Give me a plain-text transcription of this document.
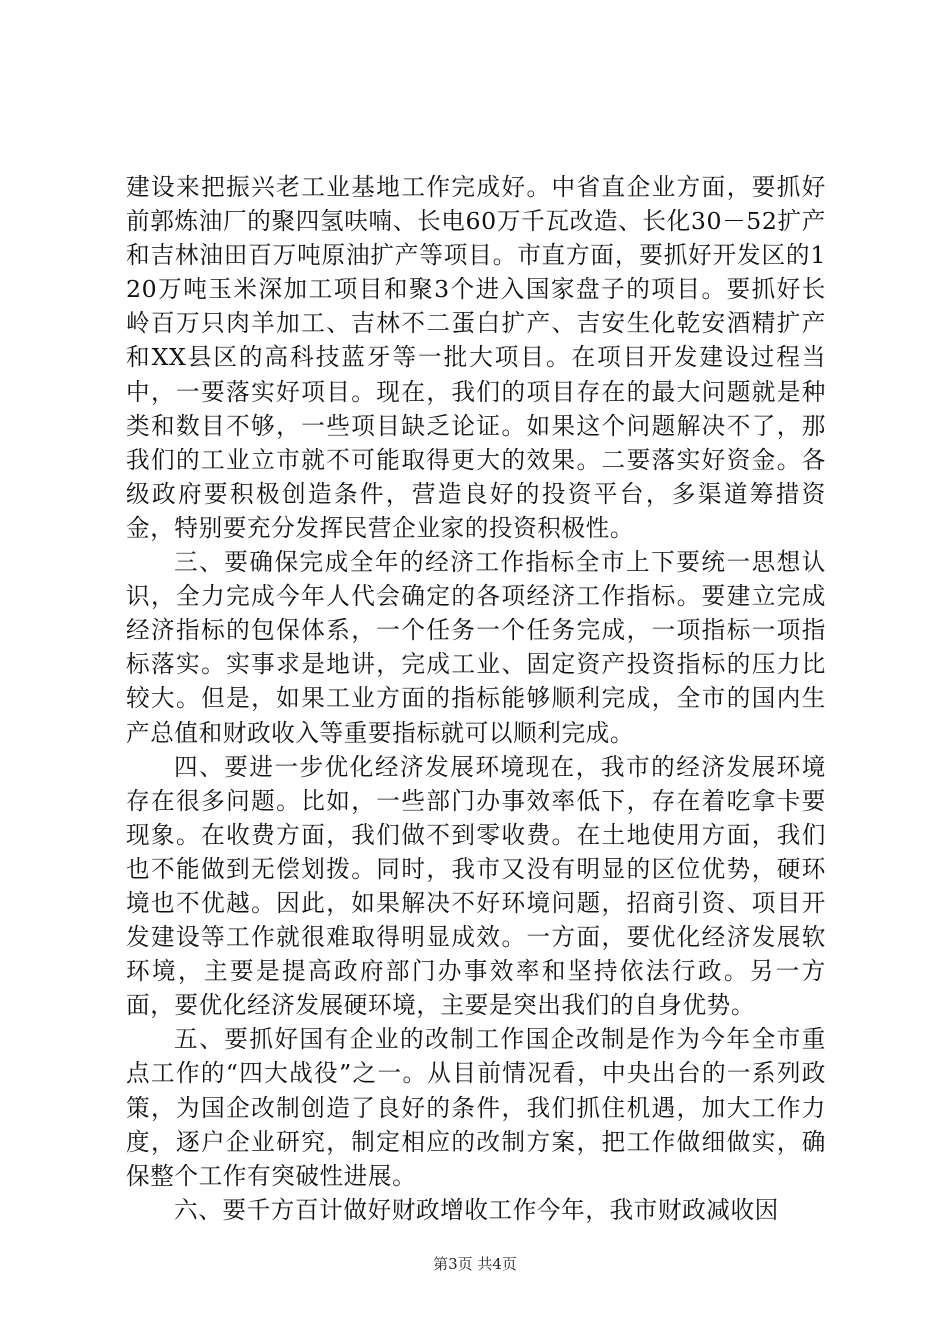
建设来把振兴老工业基地工作完成好。中省直企业方面，要抓好前郭炼油厂的聚四氢呋喃、长电60万千瓦改造、长化30－52扩产和吉林油田百万吨原油扩产等项目。市直方面，要抓好开发区的120万吨玉米深加工项目和聚3个进入国家盘子的项目。要抓好长岭百万只肉羊加工、吉林不二蛋白扩产、吉安生化乾安酒精扩产和XX县区的高科技蓝牙等一批大项目。在项目开发建设过程当中，一要落实好项目。现在，我们的项目存在的最大问题就是种类和数目不够，一些项目缺乏论证。如果这个问题解决不了，那我们的工业立市就不可能取得更大的效果。二要落实好资金。各级政府要积极创造条件，营造良好的投资平台，多渠道筹措资金，特别要充分发挥民营企业家的投资积极性。

三、要确保完成全年的经济工作指标全市上下要统一思想认识，全力完成今年人代会确定的各项经济工作指标。要建立完成经济指标的包保体系，一个任务一个任务完成，一项指标一项指标落实。实事求是地讲，完成工业、固定资产投资指标的压力比较大。但是，如果工业方面的指标能够顺利完成，全市的国内生产总值和财政收入等重要指标就可以顺利完成。

四、要进一步优化经济发展环境现在，我市的经济发展环境存在很多问题。比如，一些部门办事效率低下，存在着吃拿卡要现象。在收费方面，我们做不到零收费。在土地使用方面，我们也不能做到无偿划拨。同时，我市又没有明显的区位优势，硬环境也不优越。因此，如果解决不好环境问题，招商引资、项目开发建设等工作就很难取得明显成效。一方面，要优化经济发展软环境，主要是提高政府部门办事效率和坚持依法行政。另一方面，要优化经济发展硬环境，主要是突出我们的自身优势。

五、要抓好国有企业的改制工作国企改制是作为今年全市重点工作的“四大战役”之一。从目前情况看，中央出台的一系列政策，为国企改制创造了良好的条件，我们抓住机遇，加大工作力度，逐户企业研究，制定相应的改制方案，把工作做细做实，确保整个工作有突破性进展。

六、要千方百计做好财政增收工作今年，我市财政减收因

第3页 共4页
